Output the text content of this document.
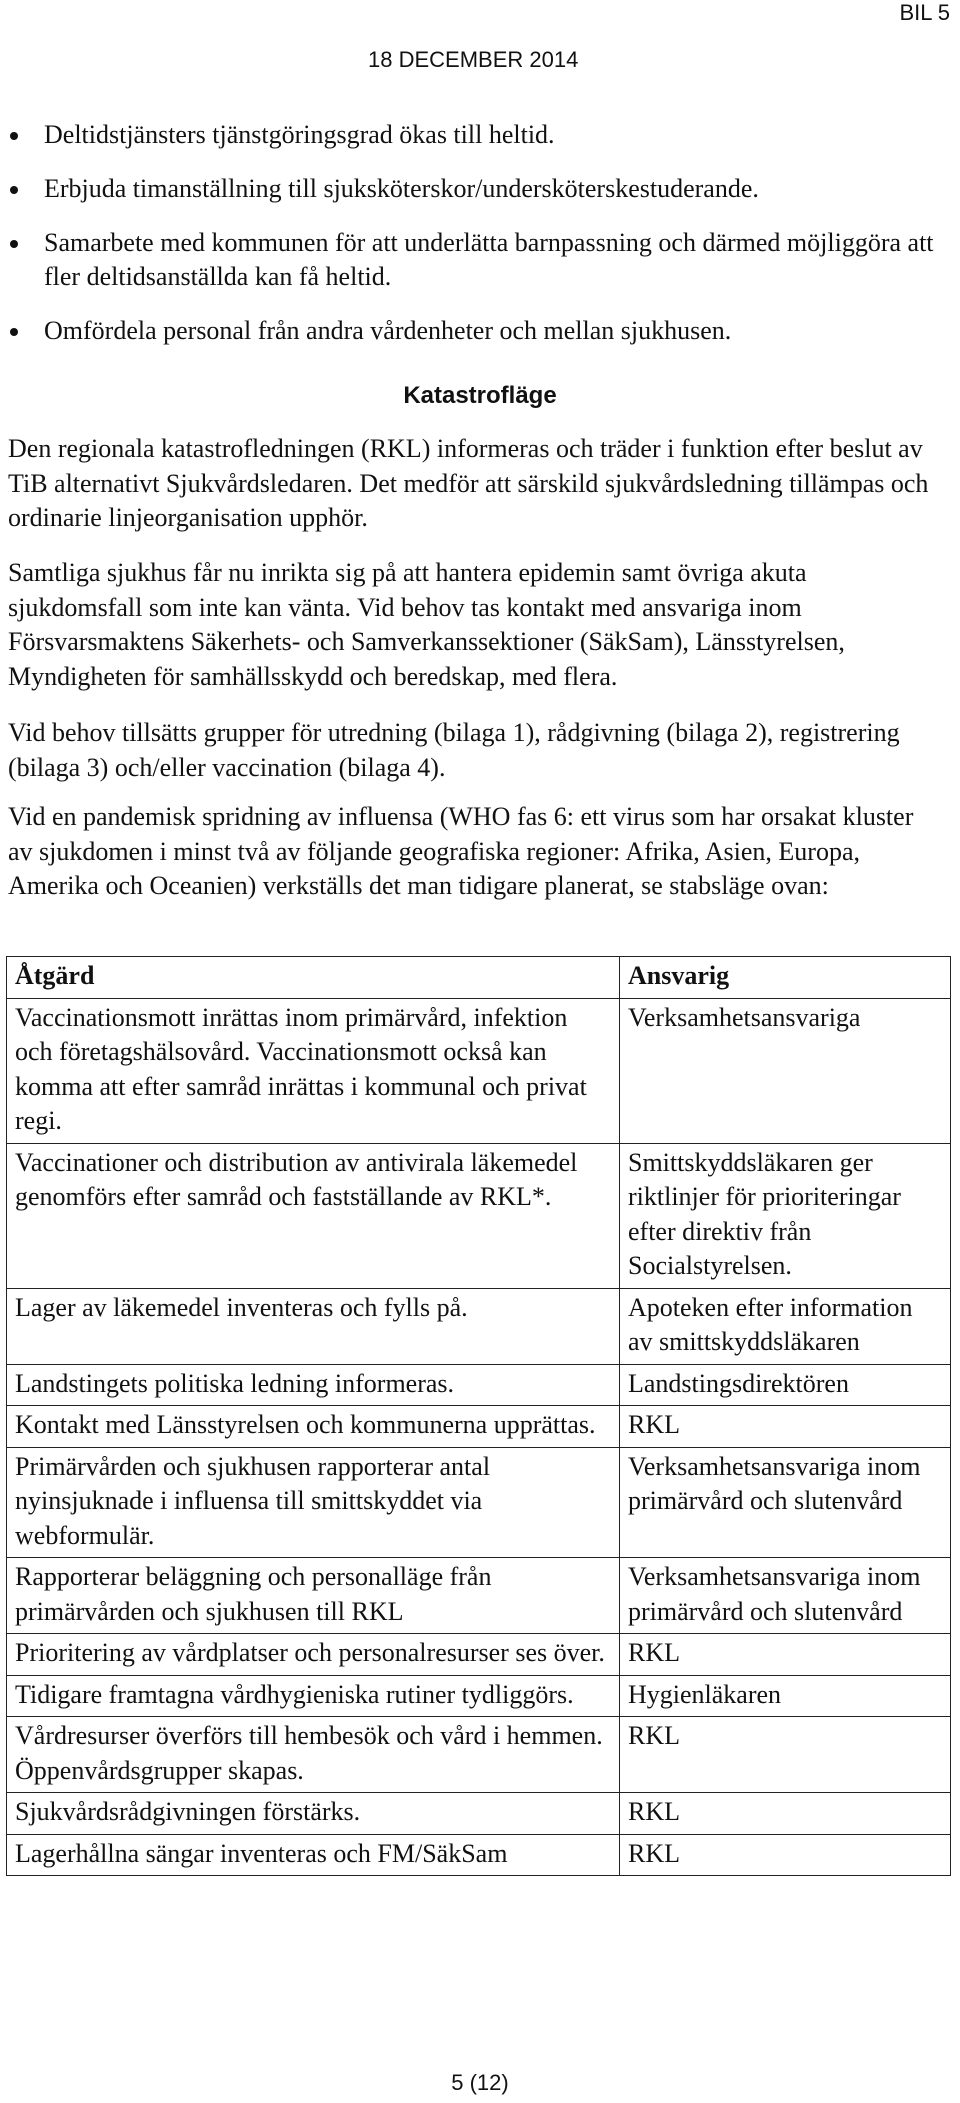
BIL 5
18 DECEMBER 2014
Deltidstjänsters tjänstgöringsgrad ökas till heltid.
Erbjuda timanställning till sjuksköterskor/undersköterskestuderande.
Samarbete med kommunen för att underlätta barnpassning och därmed möjliggöra att fler deltidsanställda kan få heltid.
Omfördela personal från andra vårdenheter och mellan sjukhusen.
Katastrofläge

Den regionala katastrofledningen (RKL) informeras och träder i funktion efter beslut av TiB alternativt Sjukvårdsledaren. Det medför att särskild sjukvårdsledning tillämpas och ordinarie linjeorganisation upphör.

Samtliga sjukhus får nu inrikta sig på att hantera epidemin samt övriga akuta sjukdomsfall som inte kan vänta. Vid behov tas kontakt med ansvariga inom Försvarsmaktens Säkerhets- och Samverkanssektioner (SäkSam), Länsstyrelsen, Myndigheten för samhällsskydd och beredskap, med flera.

Vid behov tillsätts grupper för utredning (bilaga 1), rådgivning (bilaga 2), registrering (bilaga 3) och/eller vaccination (bilaga 4).

Vid en pandemisk spridning av influensa (WHO fas 6: ett virus som har orsakat kluster av sjukdomen i minst två av följande geografiska regioner: Afrika, Asien, Europa, Amerika och Oceanien) verkställs det man tidigare planerat, se stabsläge ovan:

Åtgärd	Ansvarig
Vaccinationsmott inrättas inom primärvård, infektion och företagshälsovård. Vaccinationsmott också kan komma att efter samråd inrättas i kommunal och privat regi.	Verksamhetsansvariga
Vaccinationer och distribution av antivirala läkemedel genomförs efter samråd och fastställande av RKL*.	Smittskyddsläkaren ger riktlinjer för prioriteringar efter direktiv från Socialstyrelsen.
Lager av läkemedel inventeras och fylls på.	Apoteken efter information av smittskyddsläkaren
Landstingets politiska ledning informeras.	Landstingsdirektören
Kontakt med Länsstyrelsen och kommunerna upprättas.	RKL
Primärvården och sjukhusen rapporterar antal nyinsjuknade i influensa till smittskyddet via webformulär.	Verksamhetsansvariga inom primärvård och slutenvård
Rapporterar beläggning och personalläge från primärvården och sjukhusen till RKL	Verksamhetsansvariga inom primärvård och slutenvård
Prioritering av vårdplatser och personalresurser ses över.	RKL
Tidigare framtagna vårdhygieniska rutiner tydliggörs.	Hygienläkaren
Vårdresurser överförs till hembesök och vård i hemmen. Öppenvårdsgrupper skapas.	RKL
Sjukvårdsrådgivningen förstärks.	RKL
Lagerhållna sängar inventeras och FM/SäkSam	RKL
5 (12)
